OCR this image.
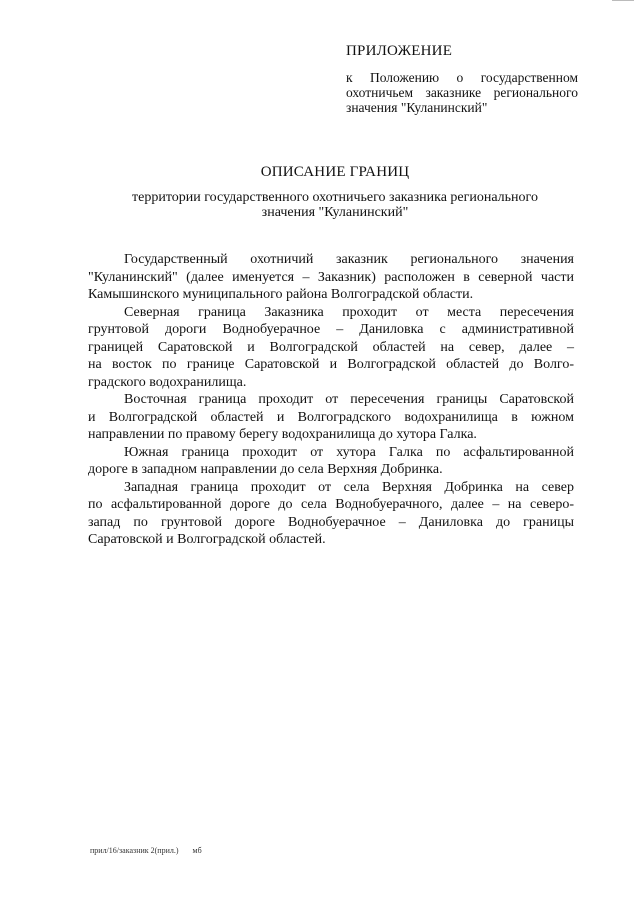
ПРИЛОЖЕНИЕ
к Положению о государственном
охотничьем заказнике регионального
значения "Куланинский"
ОПИСАНИЕ ГРАНИЦ
территории государственного охотничьего заказника регионального
значения "Куланинский"
Государственный охотничий заказник регионального значения
"Куланинский" (далее именуется – Заказник) расположен в северной части
Камышинского муниципального района Волгоградской области.
Северная граница Заказника проходит от места пересечения
грунтовой дороги Воднобуерачное – Даниловка с административной
границей Саратовской и Волгоградской областей на север, далее –
на восток по границе Саратовской и Волгоградской областей до Волго-
градского водохранилища.
Восточная граница проходит от пересечения границы Саратовской
и Волгоградской областей и Волгоградского водохранилища в южном
направлении по правому берегу водохранилища до хутора Галка.
Южная граница проходит от хутора Галка по асфальтированной
дороге в западном направлении до села Верхняя Добринка.
Западная граница проходит от села Верхняя Добринка на север
по асфальтированной дороге до села Воднобуерачного, далее – на северо-
запад по грунтовой дороге Воднобуерачное – Даниловка до границы
Саратовской и Волгоградской областей.
прил/16/заказник 2(прил.) мб
